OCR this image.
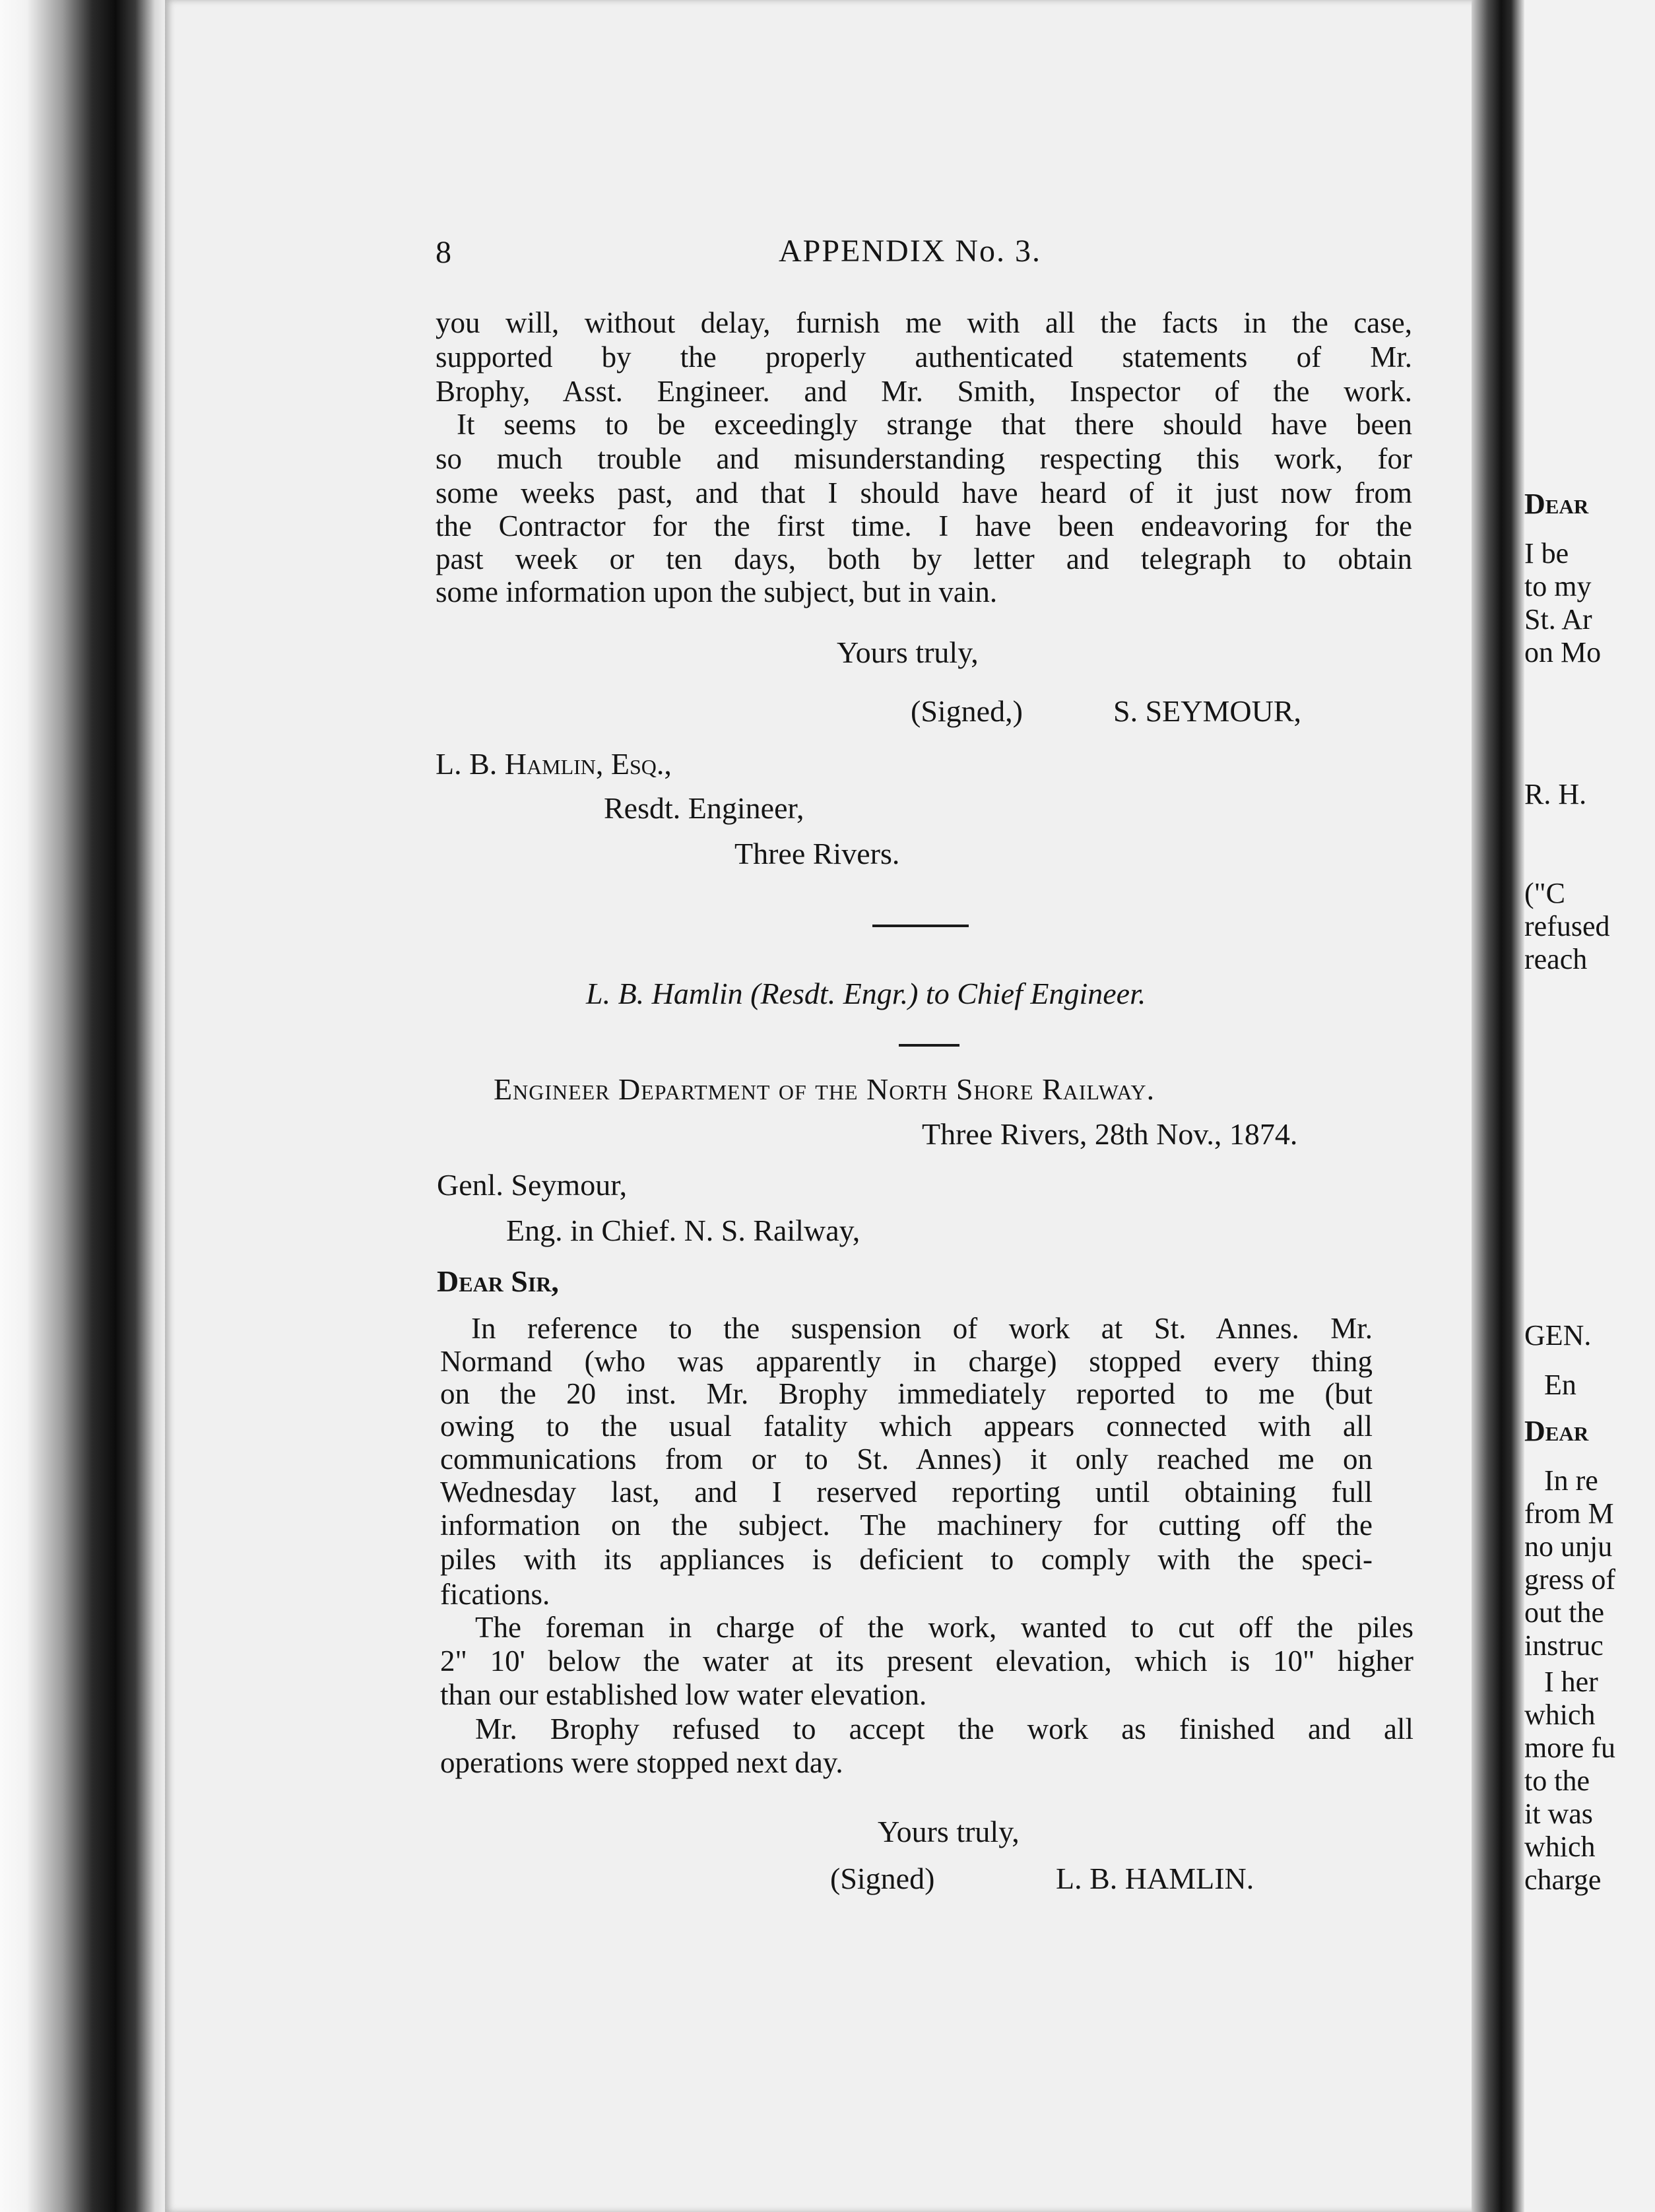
Dear
I be
to my
St. Ar
on Mo
R. H.
("C
refused
reach
GEN.
En
Dear
In re
from M
no unju
gress of
out the
instruc
I her
which
more fu
to the
it was
which
charge
8	APPENDIX No. 3.
you will, without delay, furnish me with all the facts in the case,
supported by the properly authenticated statements of Mr.
Brophy, Asst. Engineer. and Mr. Smith, Inspector of the work.
It seems to be exceedingly strange that there should have been
so much trouble and misunderstanding respecting this work, for
some weeks past, and that I should have heard of it just now from
the Contractor for the first time. I have been endeavoring for the
past week or ten days, both by letter and telegraph to obtain
some information upon the subject, but in vain.
Yours truly,
(Signed,)	S. SEYMOUR,
L. B. Hamlin, Esq.,
Resdt. Engineer,
Three Rivers.
L. B. Hamlin (Resdt. Engr.) to Chief Engineer.
Engineer Department of the North Shore Railway.
Three Rivers, 28th Nov., 1874.
Genl. Seymour,
Eng. in Chief. N. S. Railway,
Dear Sir,
In reference to the suspension of work at St. Annes. Mr.
Normand (who was apparently in charge) stopped every thing
on the 20 inst. Mr. Brophy immediately reported to me (but
owing to the usual fatality which appears connected with all
communications from or to St. Annes) it only reached me on
Wednesday last, and I reserved reporting until obtaining full
information on the subject. The machinery for cutting off the
piles with its appliances is deficient to comply with the speci-
fications.
The foreman in charge of the work, wanted to cut off the piles
2" 10' below the water at its present elevation, which is 10" higher
than our established low water elevation.
Mr. Brophy refused to accept the work as finished and all
operations were stopped next day.
Yours truly,
(Signed)	L. B. HAMLIN.
